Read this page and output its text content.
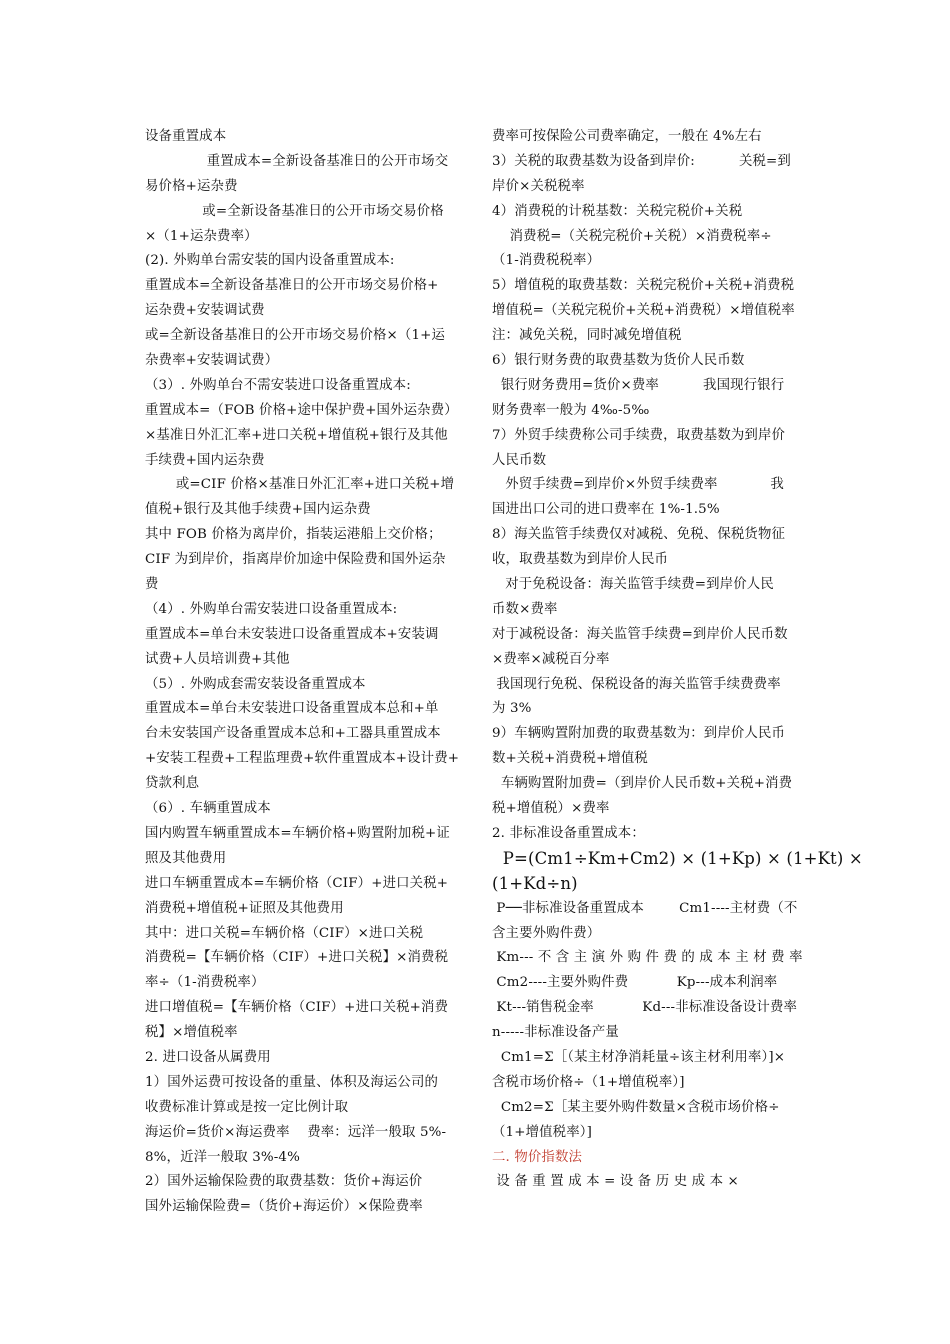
设备重置成本
重置成本=全新设备基准日的公开市场交
易价格+运杂费
或=全新设备基准日的公开市场交易价格
×（1+运杂费率）
(2). 外购单台需安装的国内设备重置成本:
重置成本=全新设备基准日的公开市场交易价格+
运杂费+安装调试费
或=全新设备基准日的公开市场交易价格×（1+运
杂费率+安装调试费）
（3）. 外购单台不需安装进口设备重置成本:
重置成本=（FOB 价格+途中保护费+国外运杂费）
×基准日外汇汇率+进口关税+增值税+银行及其他
手续费+国内运杂费
或=CIF 价格×基准日外汇汇率+进口关税+增
值税+银行及其他手续费+国内运杂费
其中 FOB 价格为离岸价，指装运港船上交价格；
CIF 为到岸价，指离岸价加途中保险费和国外运杂
费
（4）. 外购单台需安装进口设备重置成本:
重置成本=单台未安装进口设备重置成本+安装调
试费+人员培训费+其他
（5）. 外购成套需安装设备重置成本
重置成本=单台未安装进口设备重置成本总和+单
台未安装国产设备重置成本总和+工器具重置成本
+安装工程费+工程监理费+软件重置成本+设计费+
贷款利息
（6）. 车辆重置成本
国内购置车辆重置成本=车辆价格+购置附加税+证
照及其他费用
进口车辆重置成本=车辆价格（CIF）+进口关税+
消费税+增值税+证照及其他费用
其中：进口关税=车辆价格（CIF）×进口关税
消费税=【车辆价格（CIF）+进口关税】×消费税
率÷（1-消费税率）
进口增值税=【车辆价格（CIF）+进口关税+消费
税】×增值税率
2. 进口设备从属费用
1）国外运费可按设备的重量、体积及海运公司的
收费标准计算或是按一定比例计取
海运价=货价×海运费率    费率：远洋一般取 5%-
8%，近洋一般取 3%-4%
2）国外运输保险费的取费基数：货价+海运价
国外运输保险费=（货价+海运价）×保险费率
费率可按保险公司费率确定，一般在 4%左右
3）关税的取费基数为设备到岸价:          关税=到
岸价×关税税率
4）消费税的计税基数：关税完税价+关税
消费税=（关税完税价+关税）×消费税率÷
（1-消费税税率）
5）增值税的取费基数：关税完税价+关税+消费税
增值税=（关税完税价+关税+消费税）×增值税率
注：减免关税，同时减免增值税
6）银行财务费的取费基数为货价人民币数
银行财务费用=货价×费率          我国现行银行
财务费率一般为 4‰-5‰
7）外贸手续费称公司手续费，取费基数为到岸价
人民币数
外贸手续费=到岸价×外贸手续费率            我
国进出口公司的进口费率在 1%-1.5%
8）海关监管手续费仅对减税、免税、保税货物征
收，取费基数为到岸价人民币
对于免税设备：海关监管手续费=到岸价人民
币数×费率
对于减税设备：海关监管手续费=到岸价人民币数
×费率×减税百分率
我国现行免税、保税设备的海关监管手续费费率
为 3%
9）车辆购置附加费的取费基数为：到岸价人民币
数+关税+消费税+增值税
车辆购置附加费=（到岸价人民币数+关税+消费
税+增值税）×费率
2. 非标准设备重置成本：
P=(Cm1÷Km+Cm2) × (1+Kp) × (1+Kt) ×
(1+Kd÷n)
P──非标准设备重置成本        Cm1----主材费（不
含主要外购件费）
Km--- 不 含 主 演 外 购 件 费 的 成 本 主 材 费 率
Cm2----主要外购件费           Kp---成本利润率
Kt---销售税金率           Kd---非标准设备设计费率
n-----非标准设备产量
Cm1=Σ［（某主材净消耗量÷该主材利用率）]×
含税市场价格÷（1+增值税率）]
Cm2=Σ［某主要外购件数量×含税市场价格÷
（1+增值税率）]
二. 物价指数法
设 备 重 置 成 本 = 设 备 历 史 成 本 ×
